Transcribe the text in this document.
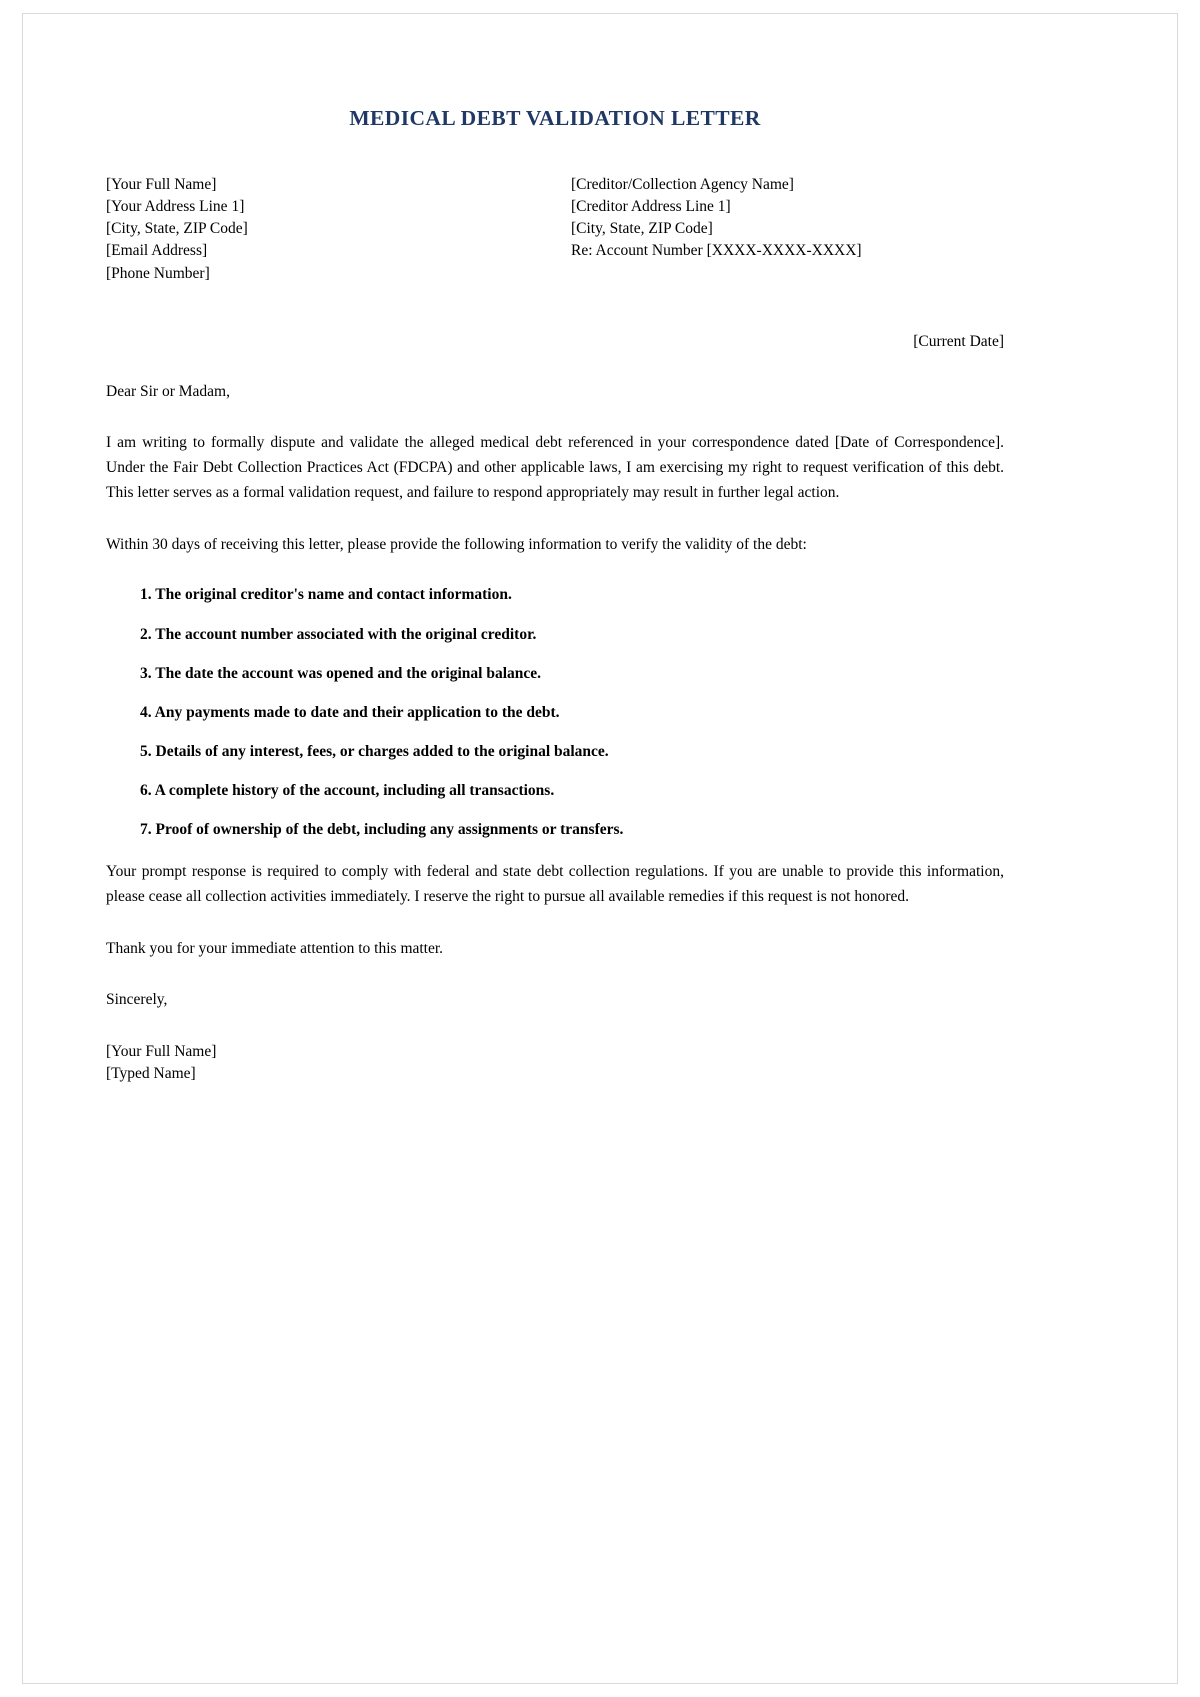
MEDICAL DEBT VALIDATION LETTER
[Your Full Name]
[Your Address Line 1]
[City, State, ZIP Code]
[Email Address]
[Phone Number]
[Creditor/Collection Agency Name]
[Creditor Address Line 1]
[City, State, ZIP Code]
Re: Account Number [XXXX-XXXX-XXXX]
[Current Date]
Dear Sir or Madam,

I am writing to formally dispute and validate the alleged medical debt referenced in your correspondence dated [Date of Correspondence]. Under the Fair Debt Collection Practices Act (FDCPA) and other applicable laws, I am exercising my right to request verification of this debt. This letter serves as a formal validation request, and failure to respond appropriately may result in further legal action.

Within 30 days of receiving this letter, please provide the following information to verify the validity of the debt:

1. The original creditor's name and contact information.
2. The account number associated with the original creditor.
3. The date the account was opened and the original balance.
4. Any payments made to date and their application to the debt.
5. Details of any interest, fees, or charges added to the original balance.
6. A complete history of the account, including all transactions.
7. Proof of ownership of the debt, including any assignments or transfers.

Your prompt response is required to comply with federal and state debt collection regulations. If you are unable to provide this information, please cease all collection activities immediately. I reserve the right to pursue all available remedies if this request is not honored.

Thank you for your immediate attention to this matter.

Sincerely,
[Your Full Name]
[Typed Name]
